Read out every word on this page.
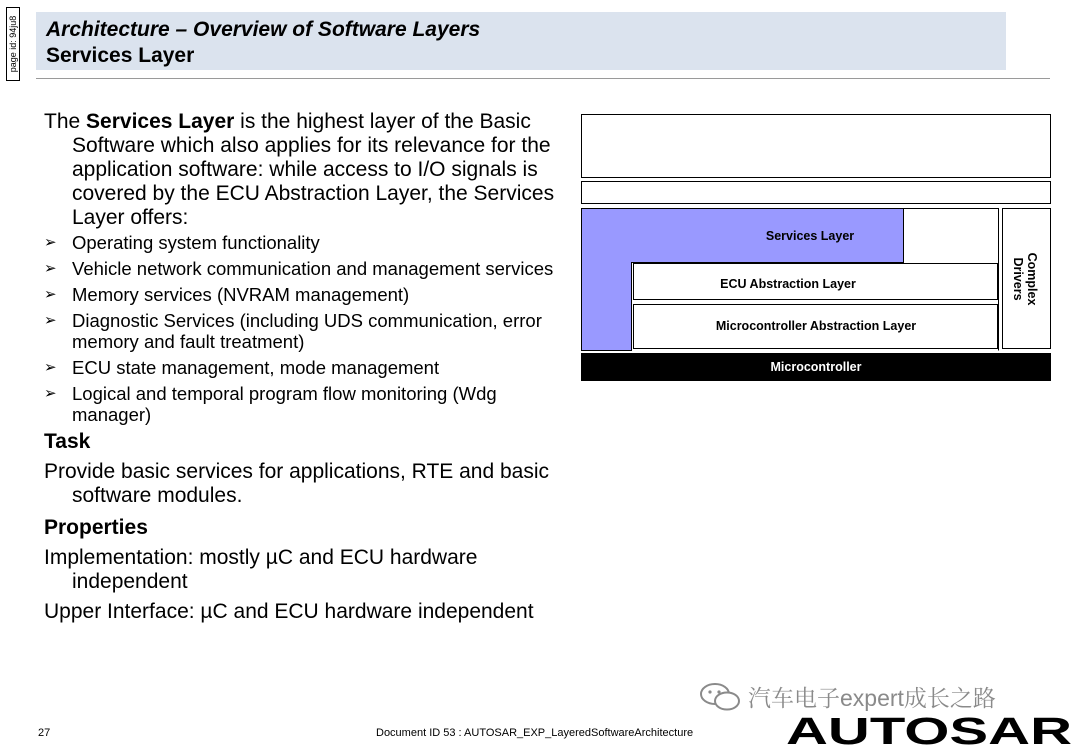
page id: 94ju8 Architecture – Overview of Software Layers
Services Layer
The Services Layer is the highest layer of the Basic Software which also applies for its relevance for the application software: while access to I/O signals is covered by the ECU Abstraction Layer, the Services Layer offers:
➢ Operating system functionality
➢ Vehicle network communication and management services
➢ Memory services (NVRAM management)
➢ Diagnostic Services (including UDS communication, error memory and fault treatment)
➢ ECU state management, mode management
➢ Logical and temporal program flow monitoring (Wdg manager)
Task
Provide basic services for applications, RTE and basic software modules.
Properties
Implementation: mostly µC and ECU hardware independent
Upper Interface: µC and ECU hardware independent
Services Layer
ECU Abstraction Layer
Microcontroller Abstraction Layer
Complex
Drivers
Microcontroller
27	Document ID 53 : AUTOSAR_EXP_LayeredSoftwareArchitecture
汽车电子expert成长之路
AUTOSAR
